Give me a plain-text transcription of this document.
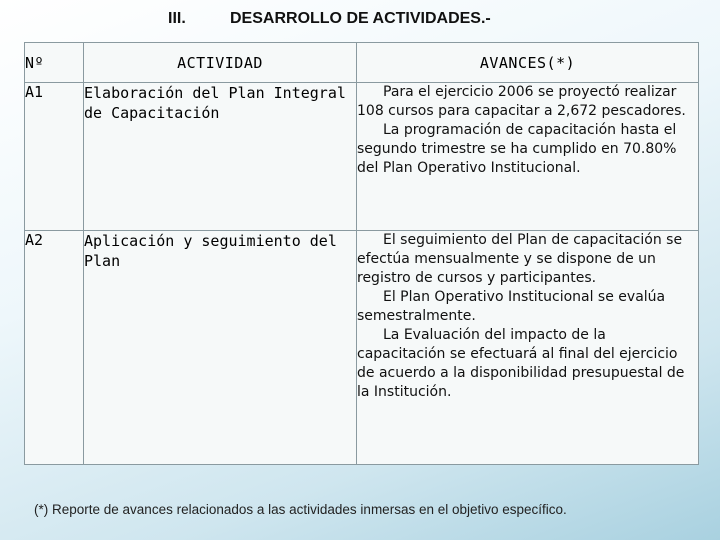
III.	DESARROLLO DE ACTIVIDADES.-
Nº	ACTIVIDAD	AVANCES(*)
A1	Elaboración del Plan Integral de Capacitación	Para el ejercicio 2006 se proyectó realizar 108 cursos para capacitar a 2,672 pescadores.

La programación de capacitación hasta el segundo trimestre se ha cumplido en 70.80% del Plan Operativo Institucional.

A2	Aplicación y seguimiento del Plan	El seguimiento del Plan de capacitación se efectúa mensualmente y se dispone de un registro de cursos y participantes.

El Plan Operativo Institucional se evalúa semestralmente.

La Evaluación del impacto de la capacitación se efectuará al final del ejercicio de acuerdo a la disponibilidad presupuestal de la Institución.

(*) Reporte de avances relacionados a las actividades inmersas en el objetivo específico.
